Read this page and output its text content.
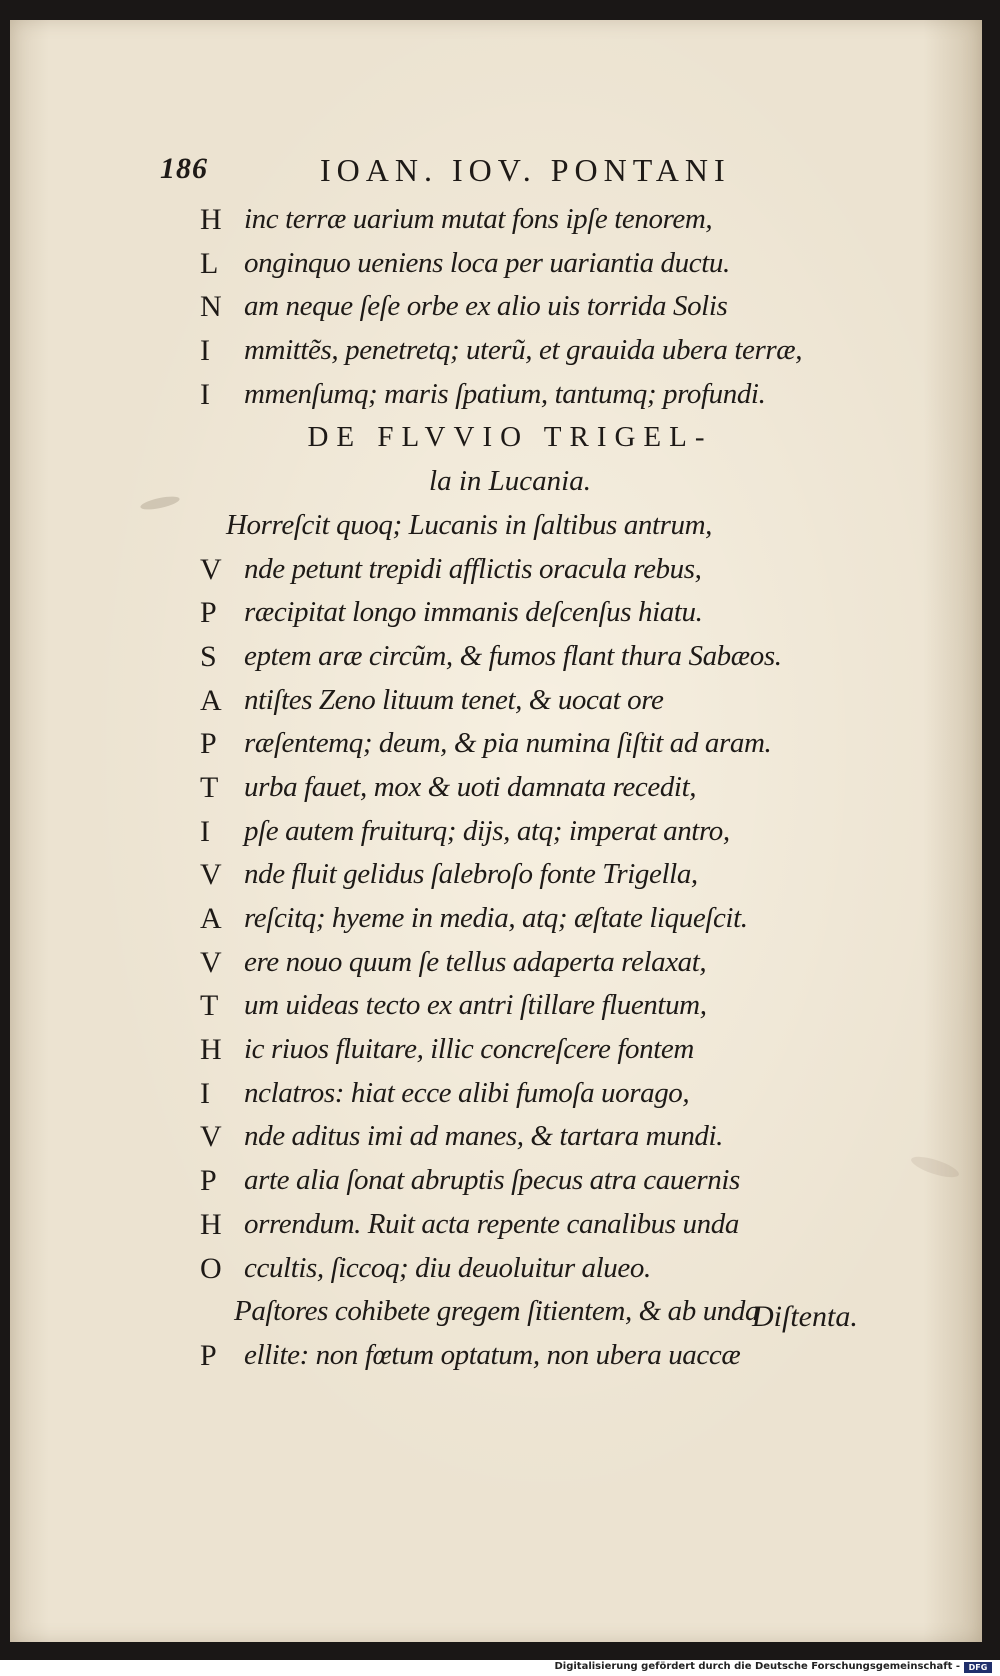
186	IOAN. IOV. PONTANI
H inc terræ uarium mutat fons ipſe tenorem,
L onginquo ueniens loca per uariantia ductu.
N am neque ſeſe orbe ex alio uis torrida Solis
I	mmittẽs, penetretq; uterũ, et grauida ubera terræ,
I	mmenſumq; maris ſpatium, tantumq; profundi.
DE FLVVIO TRIGEL-
la in Lucania.
Horreſcit quoq; Lucanis in ſaltibus antrum,
V nde petunt trepidi afflictis oracula rebus,
P ræcipitat longo immanis deſcenſus hiatu.
S eptem aræ circũm, & fumos flant thura Sabæos.
A ntiſtes Zeno lituum tenet, & uocat ore
P ræſentemq; deum, & pia numina ſiſtit ad aram.
T urba fauet, mox & uoti damnata recedit,
I	pſe autem fruiturq; dijs, atq; imperat antro,
V nde fluit gelidus ſalebroſo fonte Trigella,
A reſcitq; hyeme in media, atq; æſtate liqueſcit.
V ere nouo quum ſe tellus adaperta relaxat,
T um uideas tecto ex antri ſtillare fluentum,
H ic riuos fluitare, illic concreſcere fontem
I	nclatros: hiat ecce alibi fumoſa uorago,
V nde aditus imi ad manes, & tartara mundi.
P arte alia ſonat abruptis ſpecus atra cauernis
H orrendum. Ruit acta repente canalibus unda
O ccultis, ſiccoq; diu deuoluitur alueo.
Paſtores cohibete gregem ſitientem, & ab unda
P ellite: non fœtum optatum, non ubera uaccæ
Diſtenta.
Digitalisierung gefördert durch die Deutsche Forschungsgemeinschaft -	DFG
